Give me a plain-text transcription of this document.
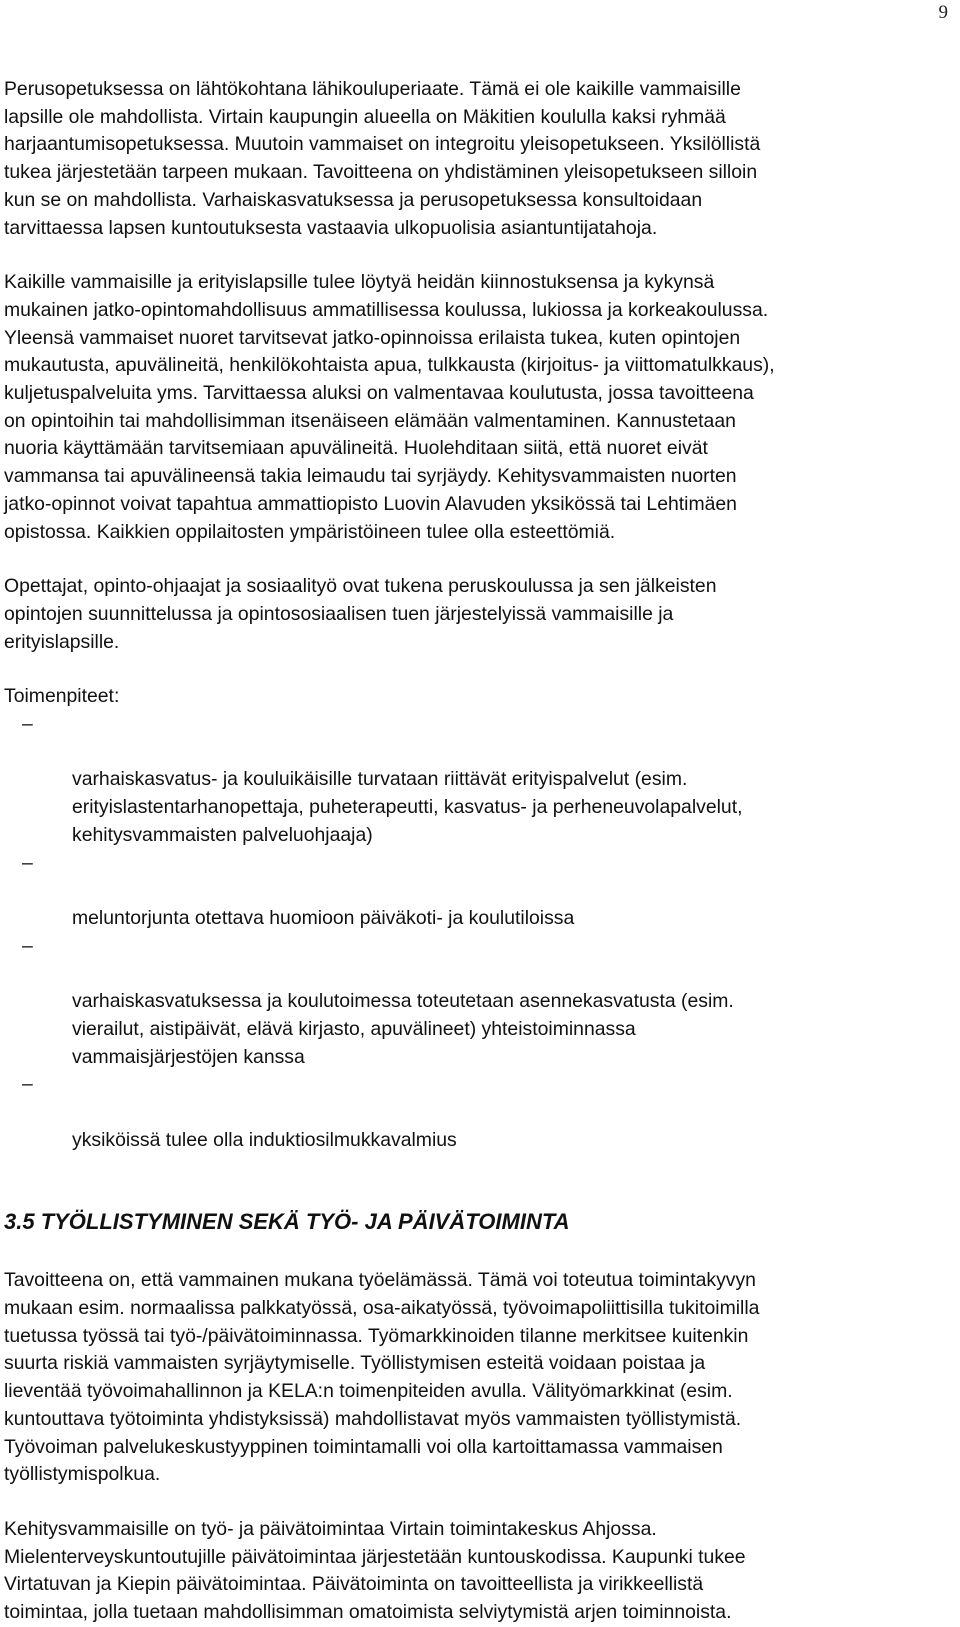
9

Perusopetuksessa on lähtökohtana lähikouluperiaate. Tämä ei ole kaikille vammaisille
lapsille ole mahdollista. Virtain kaupungin alueella on Mäkitien koululla kaksi ryhmää
harjaantumisopetuksessa. Muutoin vammaiset on integroitu yleisopetukseen. Yksilöllistä
tukea järjestetään tarpeen mukaan. Tavoitteena on yhdistäminen yleisopetukseen silloin
kun se on mahdollista. Varhaiskasvatuksessa ja perusopetuksessa konsultoidaan
tarvittaessa lapsen kuntoutuksesta vastaavia ulkopuolisia asiantuntijatahoja.

Kaikille vammaisille ja erityislapsille tulee löytyä heidän kiinnostuksensa ja kykynsä
mukainen jatko-opintomahdollisuus ammatillisessa koulussa, lukiossa ja korkeakoulussa.
Yleensä vammaiset nuoret tarvitsevat jatko-opinnoissa erilaista tukea, kuten opintojen
mukautusta, apuvälineitä, henkilökohtaista apua, tulkkausta (kirjoitus- ja viittomatulkkaus),
kuljetuspalveluita yms. Tarvittaessa aluksi on valmentavaa koulutusta, jossa tavoitteena
on opintoihin tai mahdollisimman itsenäiseen elämään valmentaminen. Kannustetaan
nuoria käyttämään tarvitsemiaan apuvälineitä. Huolehditaan siitä, että nuoret eivät
vammansa tai apuvälineensä takia leimaudu tai syrjäydy. Kehitysvammaisten nuorten
jatko-opinnot voivat tapahtua ammattiopisto Luovin Alavuden yksikössä tai Lehtimäen
opistossa. Kaikkien oppilaitosten ympäristöineen tulee olla esteettömiä.

Opettajat, opinto-ohjaajat ja sosiaalityö ovat tukena peruskoulussa ja sen jälkeisten
opintojen suunnittelussa ja opintososiaalisen tuen järjestelyissä vammaisille ja
erityislapsille.

Toimenpiteet:

–

varhaiskasvatus- ja kouluikäisille turvataan riittävät erityispalvelut (esim.
erityislastentarhanopettaja, puheterapeutti, kasvatus- ja perheneuvolapalvelut,
kehitysvammaisten palveluohjaaja)

–

meluntorjunta otettava huomioon päiväkoti- ja koulutiloissa

–

varhaiskasvatuksessa ja koulutoimessa toteutetaan asennekasvatusta (esim.
vierailut, aistipäivät, elävä kirjasto, apuvälineet) yhteistoiminnassa
vammaisjärjestöjen kanssa

–

yksiköissä tulee olla induktiosilmukkavalmius

3.5 TYÖLLISTYMINEN SEKÄ TYÖ- JA PÄIVÄTOIMINTA

Tavoitteena on, että vammainen mukana työelämässä. Tämä voi toteutua toimintakyvyn
mukaan esim. normaalissa palkkatyössä, osa-aikatyössä, työvoimapoliittisilla tukitoimilla
tuetussa työssä tai työ-/päivätoiminnassa. Työmarkkinoiden tilanne merkitsee kuitenkin
suurta riskiä vammaisten syrjäytymiselle. Työllistymisen esteitä voidaan poistaa ja
lieventää työvoimahallinnon ja KELA:n toimenpiteiden avulla. Välityömarkkinat (esim.
kuntouttava työtoiminta yhdistyksissä) mahdollistavat myös vammaisten työllistymistä.
Työvoiman palvelukeskustyyppinen toimintamalli voi olla kartoittamassa vammaisen
työllistymispolkua.

Kehitysvammaisille on työ- ja päivätoimintaa Virtain toimintakeskus Ahjossa.
Mielenterveyskuntoutujille päivätoimintaa järjestetään kuntouskodissa. Kaupunki tukee
Virtatuvan ja Kiepin päivätoimintaa. Päivätoiminta on tavoitteellista ja virikkeellistä
toimintaa, jolla tuetaan mahdollisimman omatoimista selviytymistä arjen toiminnoista.
